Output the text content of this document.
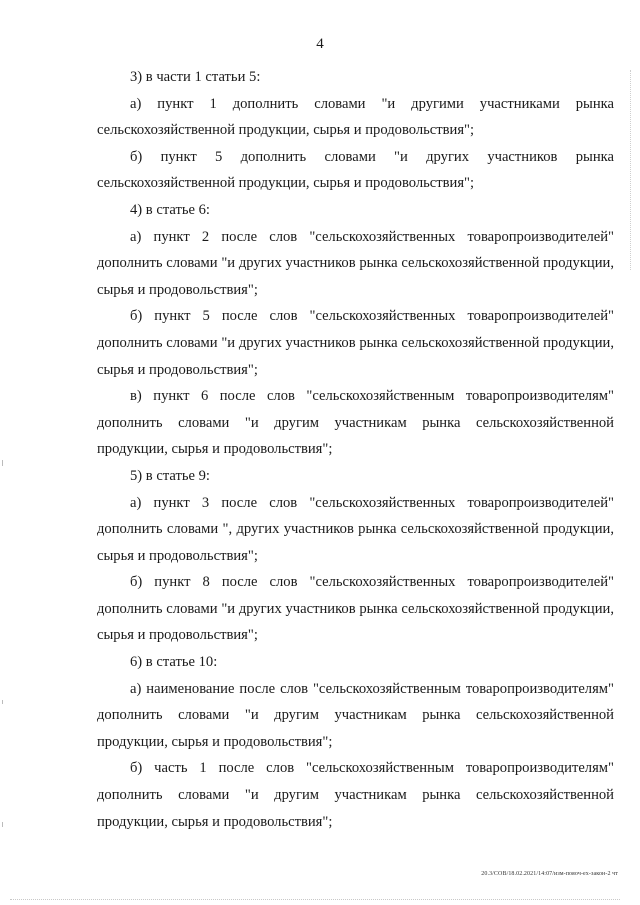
4

3) в части 1 статьи 5:

а) пункт 1 дополнить словами "и другими участниками рынка сельскохозяйственной продукции, сырья и продовольствия";

б) пункт 5 дополнить словами "и других участников рынка сельскохозяйственной продукции, сырья и продовольствия";

4) в статье 6:

а) пункт 2 после слов "сельскохозяйственных товаропроизводителей" дополнить словами "и других участников рынка сельскохозяйственной продукции, сырья и продовольствия";

б) пункт 5 после слов "сельскохозяйственных товаропроизводителей" дополнить словами "и других участников рынка сельскохозяйственной продукции, сырья и продовольствия";

в) пункт 6 после слов "сельскохозяйственным товаропроизводителям" дополнить словами "и другим участникам рынка сельскохозяйственной продукции, сырья и продовольствия";

5) в статье 9:

а) пункт 3 после слов "сельскохозяйственных товаропроизводителей" дополнить словами ", других участников рынка сельскохозяйственной продукции, сырья и продовольствия";

б) пункт 8 после слов "сельскохозяйственных товаропроизводителей" дополнить словами "и других участников рынка сельскохозяйственной продукции, сырья и продовольствия";

6) в статье 10:

а) наименование после слов "сельскохозяйственным товаропроизводителям" дополнить словами "и другим участникам рынка сельскохозяйственной продукции, сырья и продовольствия";

б) часть 1 после слов "сельскохозяйственным товаропроизводителям" дополнить словами "и другим участникам рынка сельскохозяйственной продукции, сырья и продовольствия";

20.3/СОВ/18.02.2021/14:07/изм-пояоч-ex-закон-2 чт
